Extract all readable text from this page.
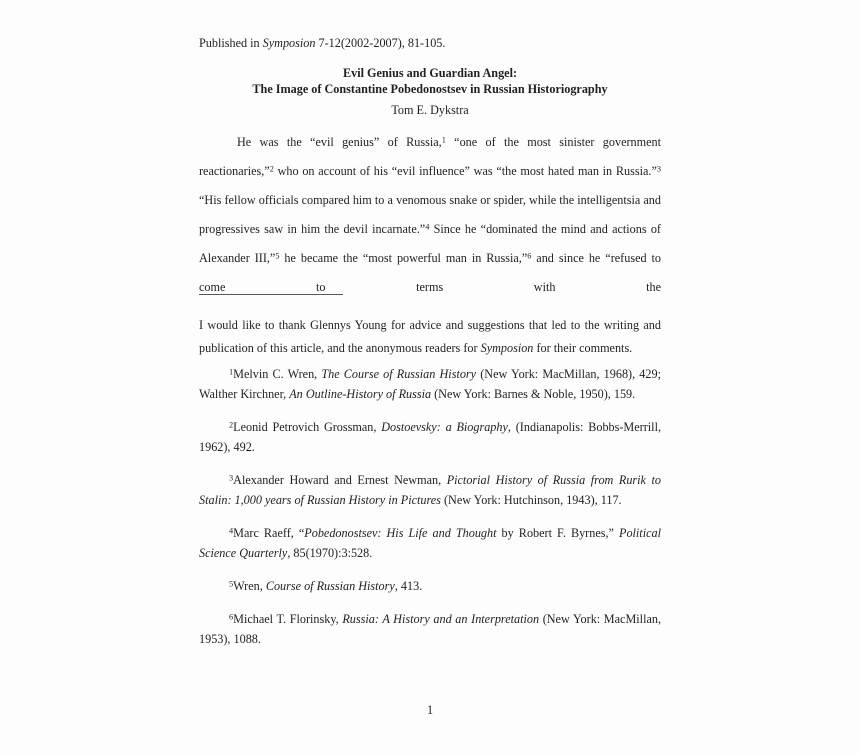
Published in Symposion 7-12(2002-2007), 81-105.
Evil Genius and Guardian Angel:
The Image of Constantine Pobedonostsev in Russian Historiography
Tom E. Dykstra
He was the “evil genius” of Russia,$^1$ “one of the most sinister government reactionaries,”$^2$ who on account of his “evil influence” was “the most hated man in Russia.”$^3$ “His fellow officials compared him to a venomous snake or spider, while the intelligentsia and progressives saw in him the devil incarnate.”$^4$ Since he “dominated the mind and actions of Alexander III,”$^5$ he became the “most powerful man in Russia,”$^6$ and since he “refused to come to terms with the
I would like to thank Glennys Young for advice and suggestions that led to the writing and publication of this article, and the anonymous readers for Symposion for their comments.
$^1$Melvin C. Wren, The Course of Russian History (New York: MacMillan, 1968), 429; Walther Kirchner, An Outline-History of Russia (New York: Barnes & Noble, 1950), 159.
$^2$Leonid Petrovich Grossman, Dostoevsky: a Biography, (Indianapolis: Bobbs-Merrill, 1962), 492.
$^3$Alexander Howard and Ernest Newman, Pictorial History of Russia from Rurik to Stalin: 1,000 years of Russian History in Pictures (New York: Hutchinson, 1943), 117.
$^4$Marc Raeff, “Pobedonostsev: His Life and Thought by Robert F. Byrnes,” Political Science Quarterly, 85(1970):3:528.
$^5$Wren, Course of Russian History, 413.
$^6$Michael T. Florinsky, Russia: A History and an Interpretation (New York: MacMillan, 1953), 1088.
1
